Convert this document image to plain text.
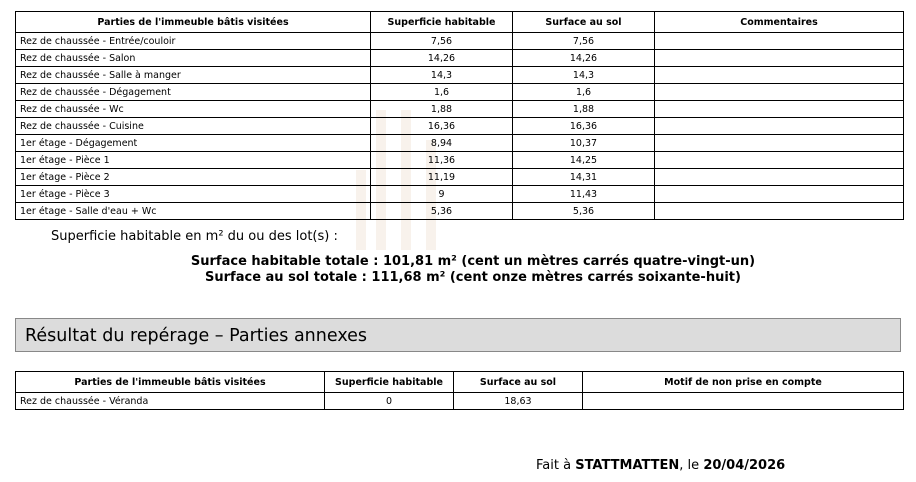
Parties de l'immeuble bâtis visitées	Superficie habitable	Surface au sol	Commentaires
Rez de chaussée - Entrée/couloir	7,56	7,56	
Rez de chaussée - Salon	14,26	14,26	
Rez de chaussée - Salle à manger	14,3	14,3	
Rez de chaussée - Dégagement	1,6	1,6	
Rez de chaussée - Wc	1,88	1,88	
Rez de chaussée - Cuisine	16,36	16,36	
1er étage - Dégagement	8,94	10,37	
1er étage - Pièce 1	11,36	14,25	
1er étage - Pièce 2	11,19	14,31	
1er étage - Pièce 3	9	11,43	
1er étage - Salle d'eau + Wc	5,36	5,36	
Superficie habitable en m² du ou des lot(s) :
Surface habitable totale : 101,81 m² (cent un mètres carrés quatre-vingt-un)
Surface au sol totale : 111,68 m² (cent onze mètres carrés soixante-huit)
Résultat du repérage – Parties annexes
Parties de l'immeuble bâtis visitées	Superficie habitable	Surface au sol	Motif de non prise en compte
Rez de chaussée - Véranda	0	18,63	
Fait à STATTMATTEN, le 20/04/2026
